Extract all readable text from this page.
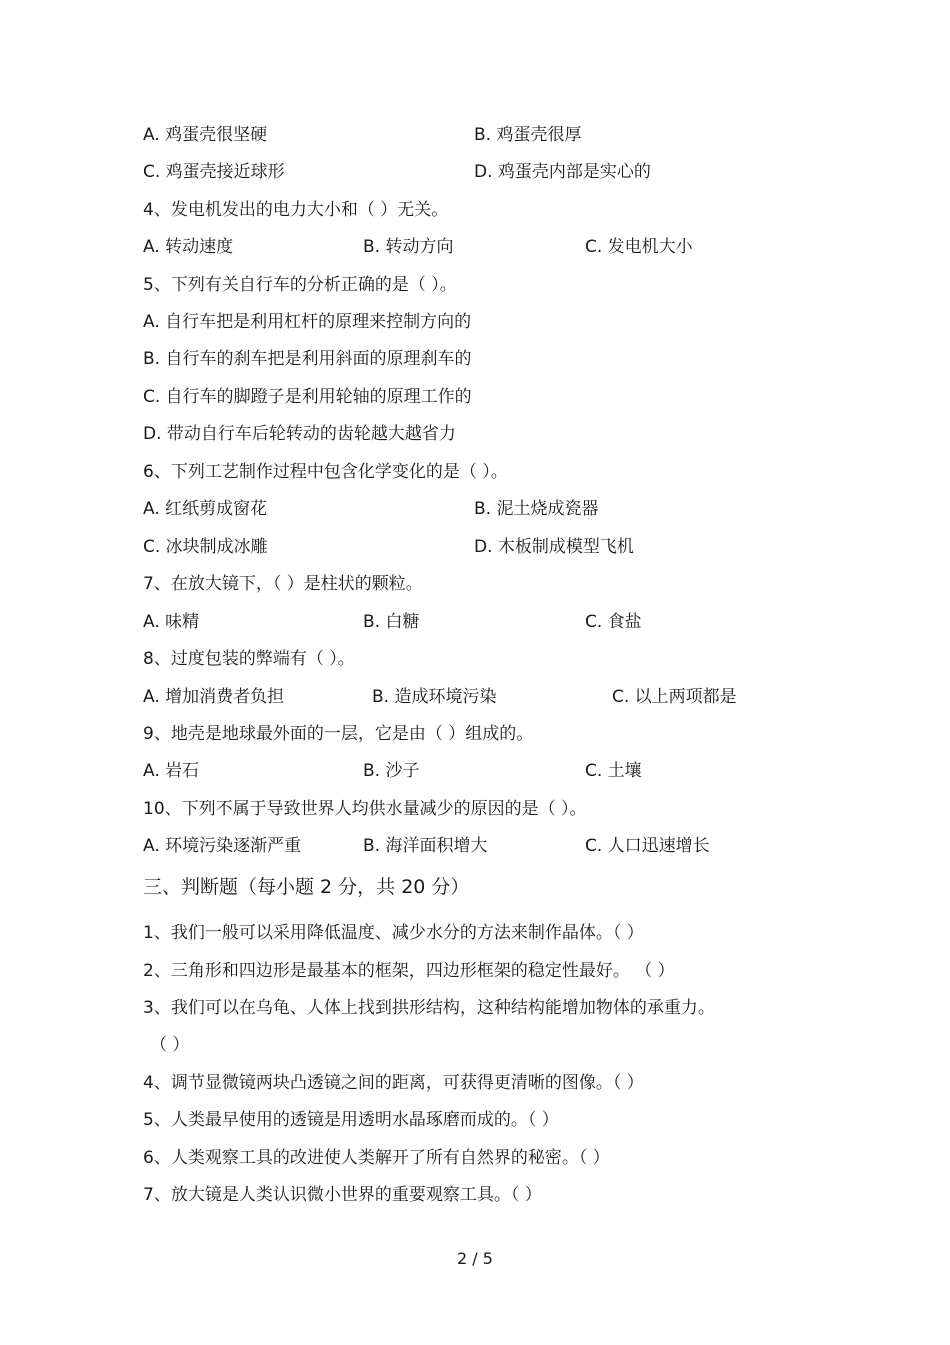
A. 鸡蛋壳很坚硬	B. 鸡蛋壳很厚
C. 鸡蛋壳接近球形	D. 鸡蛋壳内部是实心的
4、发电机发出的电力大小和（ ）无关。
A. 转动速度	B. 转动方向	C. 发电机大小
5、下列有关自行车的分析正确的是（ ）。
A. 自行车把是利用杠杆的原理来控制方向的
B. 自行车的刹车把是利用斜面的原理刹车的
C. 自行车的脚蹬子是利用轮轴的原理工作的
D. 带动自行车后轮转动的齿轮越大越省力
6、下列工艺制作过程中包含化学变化的是（ ）。
A. 红纸剪成窗花	B. 泥土烧成瓷器
C. 冰块制成冰雕	D. 木板制成模型飞机
7、在放大镜下，（ ）是柱状的颗粒。
A. 味精	B. 白糖	C. 食盐
8、过度包装的弊端有（ ）。
A. 增加消费者负担	B. 造成环境污染	C. 以上两项都是
9、地壳是地球最外面的一层，它是由（ ）组成的。
A. 岩石	B. 沙子	C. 土壤
10、下列不属于导致世界人均供水量减少的原因的是（ ）。
A. 环境污染逐渐严重	B. 海洋面积增大	C. 人口迅速增长
三、判断题（每小题 2 分，共 20 分）
1、我们一般可以采用降低温度、减少水分的方法来制作晶体。（ ）
2、三角形和四边形是最基本的框架，四边形框架的稳定性最好。 （ ）
3、我们可以在乌龟、人体上找到拱形结构，这种结构能增加物体的承重力。
（ ）
4、调节显微镜两块凸透镜之间的距离，可获得更清晰的图像。（ ）
5、人类最早使用的透镜是用透明水晶琢磨而成的。（ ）
6、人类观察工具的改进使人类解开了所有自然界的秘密。（ ）
7、放大镜是人类认识微小世界的重要观察工具。（ ）
2 / 5
